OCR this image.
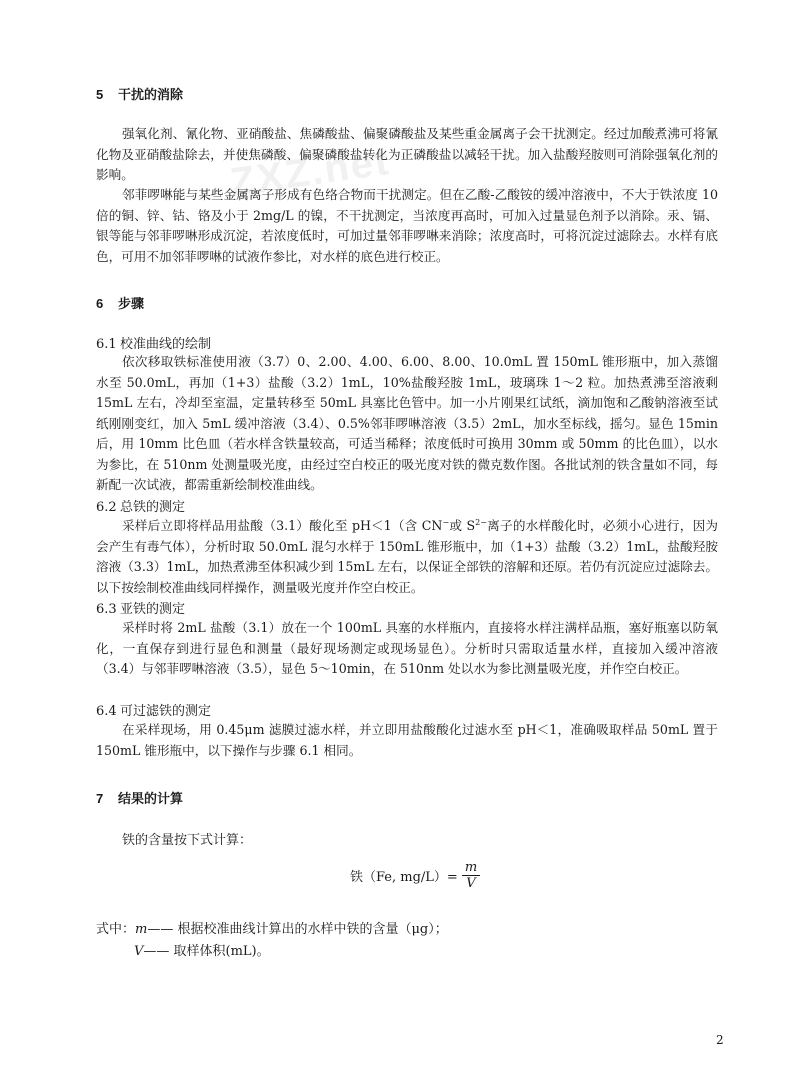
ZXZ.net
5 干扰的消除

强氧化剂、氰化物、亚硝酸盐、焦磷酸盐、偏聚磷酸盐及某些重金属离子会干扰测定。经过加酸煮沸可将氰化物及亚硝酸盐除去，并使焦磷酸、偏聚磷酸盐转化为正磷酸盐以减轻干扰。加入盐酸羟胺则可消除强氧化剂的影响。

邻菲啰啉能与某些金属离子形成有色络合物而干扰测定。但在乙酸-乙酸铵的缓冲溶液中，不大于铁浓度 10 倍的铜、锌、钴、铬及小于 2mg/L 的镍，不干扰测定，当浓度再高时，可加入过量显色剂予以消除。汞、镉、银等能与邻菲啰啉形成沉淀，若浓度低时，可加过量邻菲啰啉来消除；浓度高时，可将沉淀过滤除去。水样有底色，可用不加邻菲啰啉的试液作参比，对水样的底色进行校正。

6 步骤
6.1 校准曲线的绘制

依次移取铁标准使用液（3.7）0、2.00、4.00、6.00、8.00、10.0mL 置 150mL 锥形瓶中，加入蒸馏水至 50.0mL，再加（1+3）盐酸（3.2）1mL，10%盐酸羟胺 1mL，玻璃珠 1～2 粒。加热煮沸至溶液剩 15mL 左右，冷却至室温，定量转移至 50mL 具塞比色管中。加一小片刚果红试纸，滴加饱和乙酸钠溶液至试纸刚刚变红，加入 5mL 缓冲溶液（3.4）、0.5%邻菲啰啉溶液（3.5）2mL，加水至标线，摇匀。显色 15min 后，用 10mm 比色皿（若水样含铁量较高，可适当稀释；浓度低时可换用 30mm 或 50mm 的比色皿），以水为参比，在 510nm 处测量吸光度，由经过空白校正的吸光度对铁的微克数作图。各批试剂的铁含量如不同，每新配一次试液，都需重新绘制校准曲线。

6.2 总铁的测定

采样后立即将样品用盐酸（3.1）酸化至 pH＜1（含 CN−或 $S^{2-}$离子的水样酸化时，必须小心进行，因为会产生有毒气体），分析时取 50.0mL 混匀水样于 150mL 锥形瓶中，加（1+3）盐酸（3.2）1mL，盐酸羟胺溶液（3.3）1mL，加热煮沸至体积减少到 15mL 左右，以保证全部铁的溶解和还原。若仍有沉淀应过滤除去。以下按绘制校准曲线同样操作，测量吸光度并作空白校正。

6.3 亚铁的测定

采样时将 2mL 盐酸（3.1）放在一个 100mL 具塞的水样瓶内，直接将水样注满样品瓶，塞好瓶塞以防氧化，一直保存到进行显色和测量（最好现场测定或现场显色）。分析时只需取适量水样，直接加入缓冲溶液（3.4）与邻菲啰啉溶液（3.5），显色 5～10min，在 510nm 处以水为参比测量吸光度，并作空白校正。

6.4 可过滤铁的测定

在采样现场，用 0.45μm 滤膜过滤水样，并立即用盐酸酸化过滤水至 pH＜1，准确吸取样品 50mL 置于 150mL 锥形瓶中，以下操作与步骤 6.1 相同。

7 结果的计算
铁的含量按下式计算：
铁（Fe, $mg/L)= \frac{m}{V}$
式中：m—— 根据校准曲线计算出的水样中铁的含量（μg）；
V—— 取样体积(mL)。
2
